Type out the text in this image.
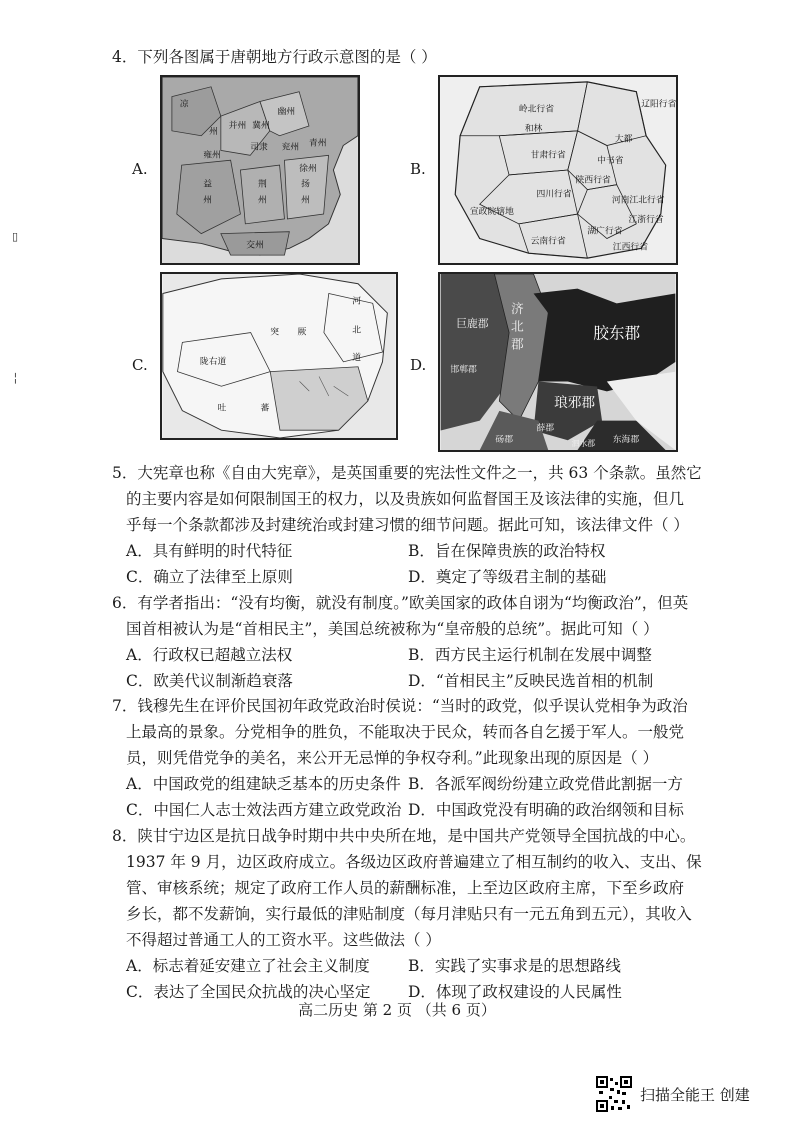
4．下列各图属于唐朝地方行政示意图的是（ ）
A.	B.
C.	D.
凉
州
并州 冀州
幽州
雍州
司隶 兖州 青州
徐州
益
州
荆
州
扬
州
交州
岭北行省	辽阳行省
中书省
陕西行省
甘肃行省
河南江北行省
四川行省
湖广行省
江浙行省
江西行省
云南行省
宣政院辖地
和林
大都
突 厥
河
北
道
陇右道
吐	蕃
巨鹿郡
济
北
郡
胶东郡
邯郸郡
琅邪郡
砀郡
薛郡
东海郡
泗水郡
5．大宪章也称《自由大宪章》，是英国重要的宪法性文件之一，共 63 个条款。虽然它
的主要内容是如何限制国王的权力，以及贵族如何监督国王及该法律的实施，但几
乎每一个条款都涉及封建统治或封建习惯的细节问题。据此可知，该法律文件（ ）
A．具有鲜明的时代特征	B．旨在保障贵族的政治特权
C．确立了法律至上原则	D．奠定了等级君主制的基础
6．有学者指出：“没有均衡，就没有制度。”欧美国家的政体自诩为“均衡政治”，但英
国首相被认为是“首相民主”，美国总统被称为“皇帝般的总统”。据此可知（ ）
A．行政权已超越立法权	B．西方民主运行机制在发展中调整
C．欧美代议制渐趋衰落	D．“首相民主”反映民选首相的机制
7．钱穆先生在评价民国初年政党政治时侯说：“当时的政党，似乎误认党相争为政治
上最高的景象。分党相争的胜负，不能取决于民众，转而各自乞援于军人。一般党
员，则凭借党争的美名，来公开无忌惮的争权夺利。”此现象出现的原因是（ ）
A．中国政党的组建缺乏基本的历史条件 B．各派军阀纷纷建立政党借此割据一方
C．中国仁人志士效法西方建立政党政治 D．中国政党没有明确的政治纲领和目标
8．陕甘宁边区是抗日战争时期中共中央所在地，是中国共产党领导全国抗战的中心。
1937 年 9 月，边区政府成立。各级边区政府普遍建立了相互制约的收入、支出、保
管、审核系统；规定了政府工作人员的薪酬标准，上至边区政府主席，下至乡政府
乡长，都不发薪饷，实行最低的津贴制度（每月津贴只有一元五角到五元），其收入
不得超过普通工人的工资水平。这些做法（ ）
A．标志着延安建立了社会主义制度	B．实践了实事求是的思想路线
C．表达了全国民众抗战的决心坚定	D．体现了政权建设的人民属性
高二历史 第 2 页 （共 6 页）
扫描全能王 创建
▯
╎
